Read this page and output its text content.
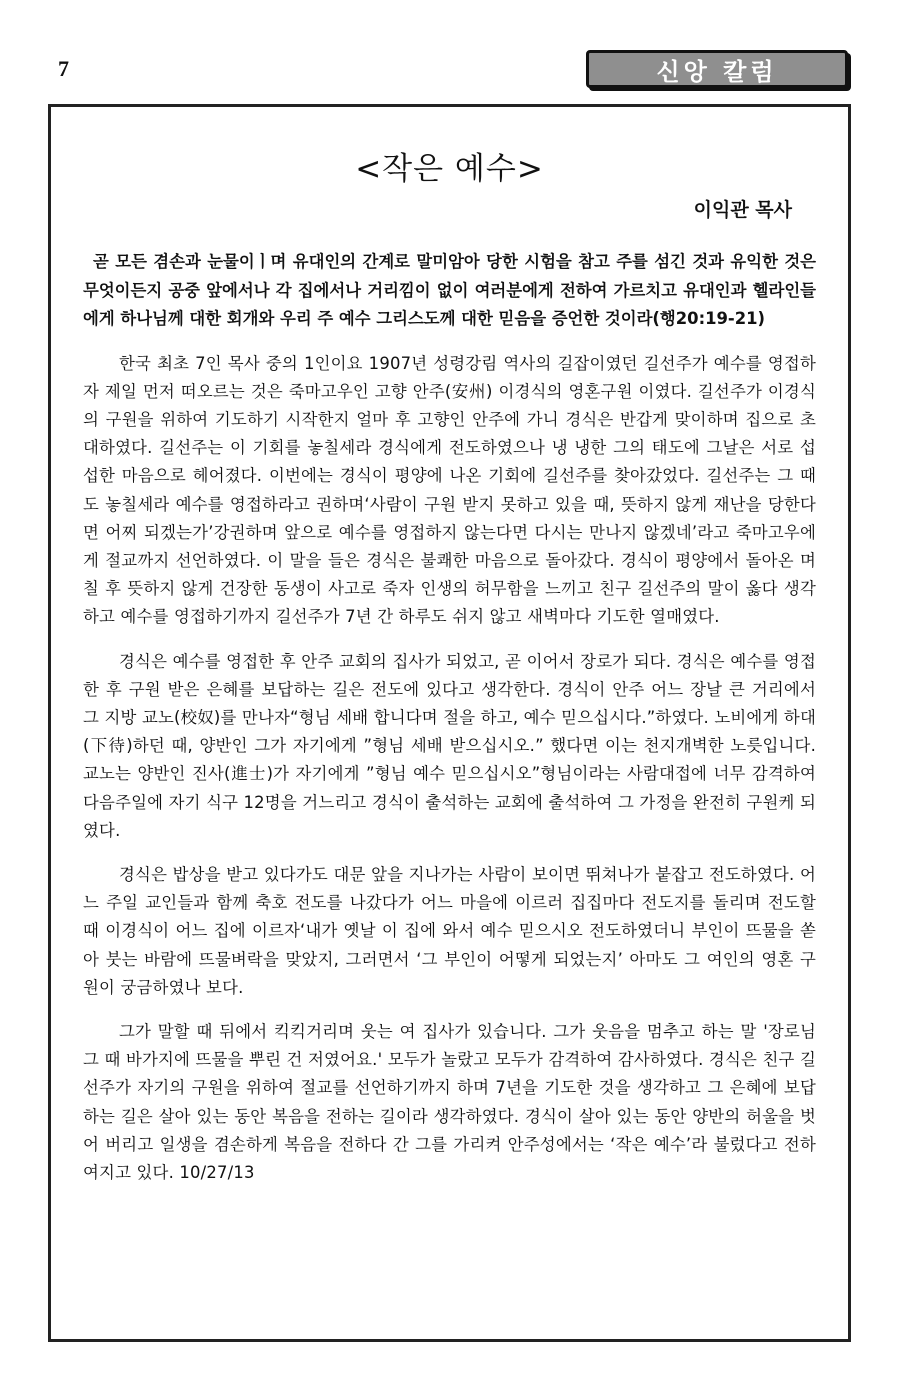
7	신앙 칼럼
<작은 예수>
이익관 목사
곧 모든 겸손과 눈물이ㅣ며 유대인의 간계로 말미암아 당한 시험을 참고 주를 섬긴 것과 유익한 것은 무엇이든지 공중 앞에서나 각 집에서나 거리낌이 없이 여러분에게 전하여 가르치고 유대인과 헬라인들에게 하나님께 대한 회개와 우리 주 예수 그리스도께 대한 믿음을 증언한 것이라(행20:19-21)

한국 최초 7인 목사 중의 1인이요 1907년 성령강림 역사의 길잡이였던 길선주가 예수를 영접하자 제일 먼저 떠오르는 것은 죽마고우인 고향 안주(安州) 이경식의 영혼구원 이였다. 길선주가 이경식의 구원을 위하여 기도하기 시작한지 얼마 후 고향인 안주에 가니 경식은 반갑게 맞이하며 집으로 초대하였다. 길선주는 이 기회를 놓칠세라 경식에게 전도하였으나 냉 냉한 그의 태도에 그날은 서로 섭섭한 마음으로 헤어졌다. 이번에는 경식이 평양에 나온 기회에 길선주를 찾아갔었다. 길선주는 그 때도 놓칠세라 예수를 영접하라고 권하며‘사람이 구원 받지 못하고 있을 때, 뜻하지 않게 재난을 당한다면 어찌 되겠는가’강권하며 앞으로 예수를 영접하지 않는다면 다시는 만나지 않겠네’라고 죽마고우에게 절교까지 선언하였다. 이 말을 들은 경식은 불쾌한 마음으로 돌아갔다. 경식이 평양에서 돌아온 며칠 후 뜻하지 않게 건장한 동생이 사고로 죽자 인생의 허무함을 느끼고 친구 길선주의 말이 옳다 생각하고 예수를 영접하기까지 길선주가 7년 간 하루도 쉬지 않고 새벽마다 기도한 열매였다.

경식은 예수를 영접한 후 안주 교회의 집사가 되었고, 곧 이어서 장로가 되다. 경식은 예수를 영접한 후 구원 받은 은혜를 보답하는 길은 전도에 있다고 생각한다. 경식이 안주 어느 장날 큰 거리에서 그 지방 교노(校奴)를 만나자“형님 세배 합니다며 절을 하고, 예수 믿으십시다.”하였다. 노비에게 하대(下待)하던 때, 양반인 그가 자기에게 ”형님 세배 받으십시오.” 했다면 이는 천지개벽한 노릇입니다. 교노는 양반인 진사(進士)가 자기에게 ”형님 예수 믿으십시오”형님이라는 사람대접에 너무 감격하여 다음주일에 자기 식구 12명을 거느리고 경식이 출석하는 교회에 출석하여 그 가정을 완전히 구원케 되였다.

경식은 밥상을 받고 있다가도 대문 앞을 지나가는 사람이 보이면 뛰쳐나가 붙잡고 전도하였다. 어느 주일 교인들과 함께 축호 전도를 나갔다가 어느 마을에 이르러 집집마다 전도지를 돌리며 전도할 때 이경식이 어느 집에 이르자‘내가 옛날 이 집에 와서 예수 믿으시오 전도하였더니 부인이 뜨물을 쏟아 붓는 바람에 뜨물벼락을 맞았지, 그러면서 ‘그 부인이 어떻게 되었는지’ 아마도 그 여인의 영혼 구원이 궁금하였나 보다.

그가 말할 때 뒤에서 킥킥거리며 웃는 여 집사가 있습니다. 그가 웃음을 멈추고 하는 말 '장로님 그 때 바가지에 뜨물을 뿌린 건 저였어요.' 모두가 놀랐고 모두가 감격하여 감사하였다. 경식은 친구 길선주가 자기의 구원을 위하여 절교를 선언하기까지 하며 7년을 기도한 것을 생각하고 그 은혜에 보답하는 길은 살아 있는 동안 복음을 전하는 길이라 생각하였다. 경식이 살아 있는 동안 양반의 허울을 벗어 버리고 일생을 겸손하게 복음을 전하다 간 그를 가리켜 안주성에서는 ‘작은 예수’라 불렀다고 전하여지고 있다. 10/27/13
